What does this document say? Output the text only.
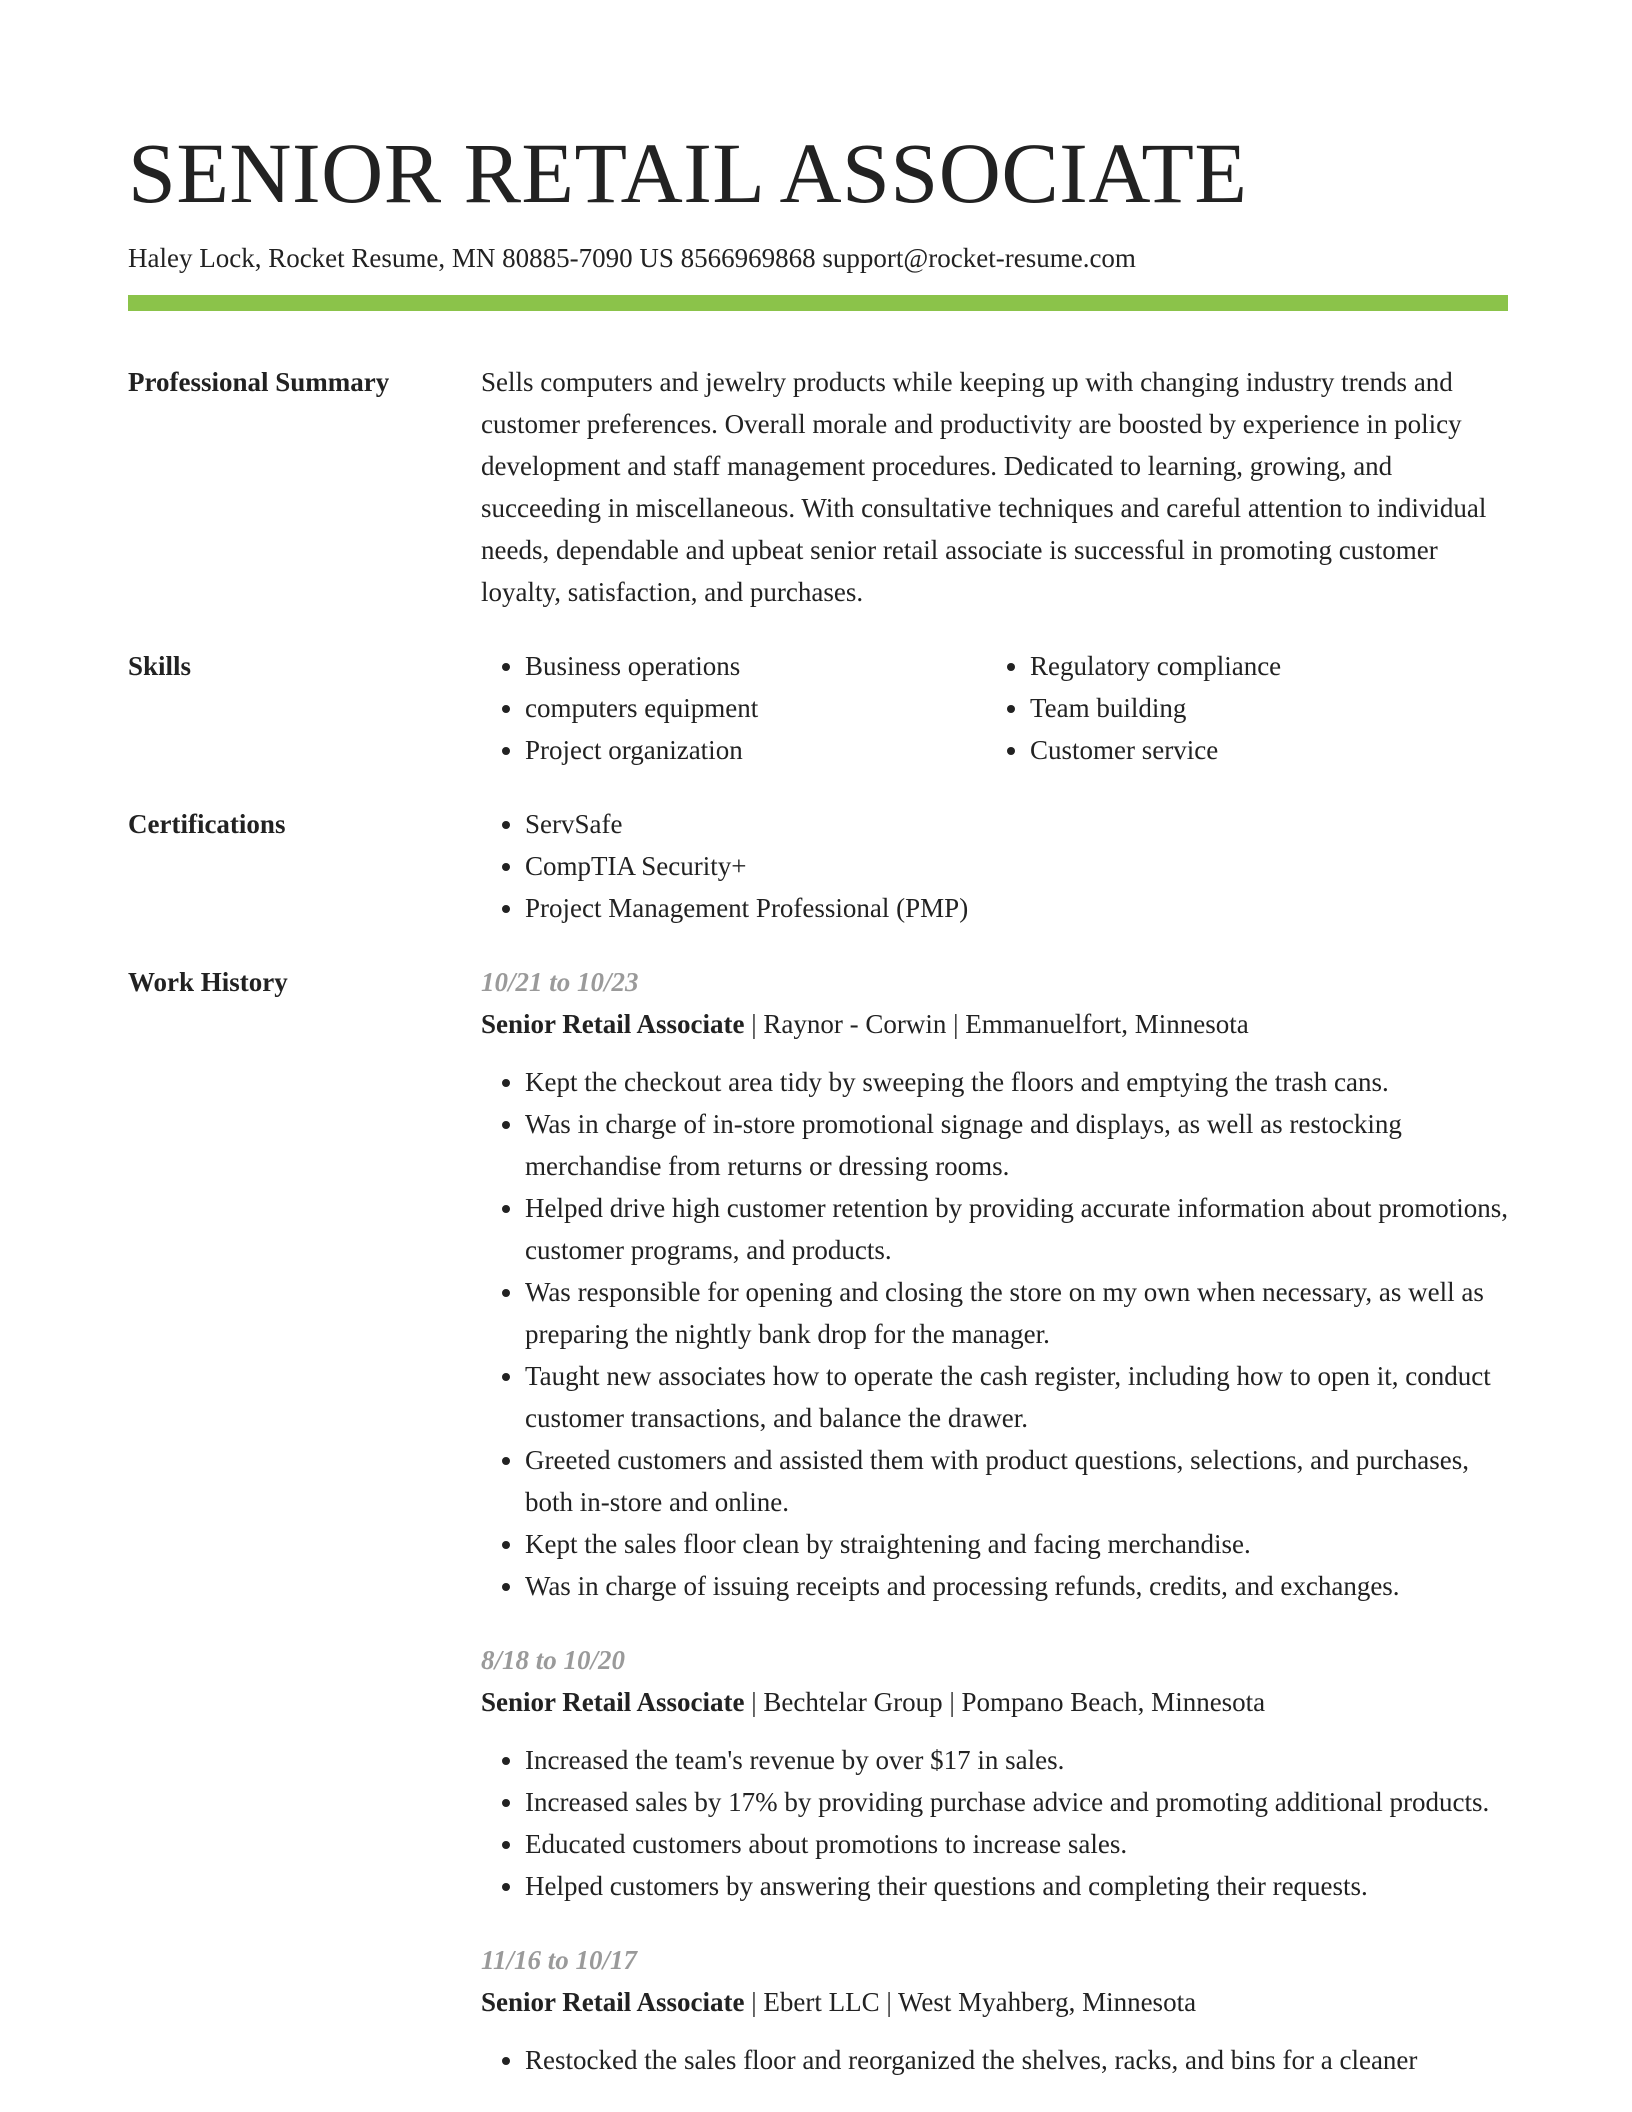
SENIOR RETAIL ASSOCIATE
Haley Lock, Rocket Resume, MN 80885-7090 US 8566969868 support@rocket-resume.com
Professional Summary	Sells computers and jewelry products while keeping up with changing industry trends and customer preferences. Overall morale and productivity are boosted by experience in policy development and staff management procedures. Dedicated to learning, growing, and succeeding in miscellaneous. With consultative techniques and careful attention to individual needs, dependable and upbeat senior retail associate is successful in promoting customer loyalty, satisfaction, and purchases.
Skills	• Business operations
• computers equipment
• Project organization
• Regulatory compliance
• Team building
• Customer service
Certifications	• ServSafe
• CompTIA Security+
• Project Management Professional (PMP)
Work History	10/21 to 10/23
Senior Retail Associate | Raynor - Corwin | Emmanuelfort, Minnesota
• Kept the checkout area tidy by sweeping the floors and emptying the trash cans.
• Was in charge of in-store promotional signage and displays, as well as restocking merchandise from returns or dressing rooms.
• Helped drive high customer retention by providing accurate information about promotions, customer programs, and products.
• Was responsible for opening and closing the store on my own when necessary, as well as preparing the nightly bank drop for the manager.
• Taught new associates how to operate the cash register, including how to open it, conduct customer transactions, and balance the drawer.
• Greeted customers and assisted them with product questions, selections, and purchases, both in-store and online.
• Kept the sales floor clean by straightening and facing merchandise.
• Was in charge of issuing receipts and processing refunds, credits, and exchanges.
8/18 to 10/20
Senior Retail Associate | Bechtelar Group | Pompano Beach, Minnesota
• Increased the team's revenue by over $17 in sales.
• Increased sales by 17% by providing purchase advice and promoting additional products.
• Educated customers about promotions to increase sales.
• Helped customers by answering their questions and completing their requests.
11/16 to 10/17
Senior Retail Associate | Ebert LLC | West Myahberg, Minnesota
• Restocked the sales floor and reorganized the shelves, racks, and bins for a cleaner
